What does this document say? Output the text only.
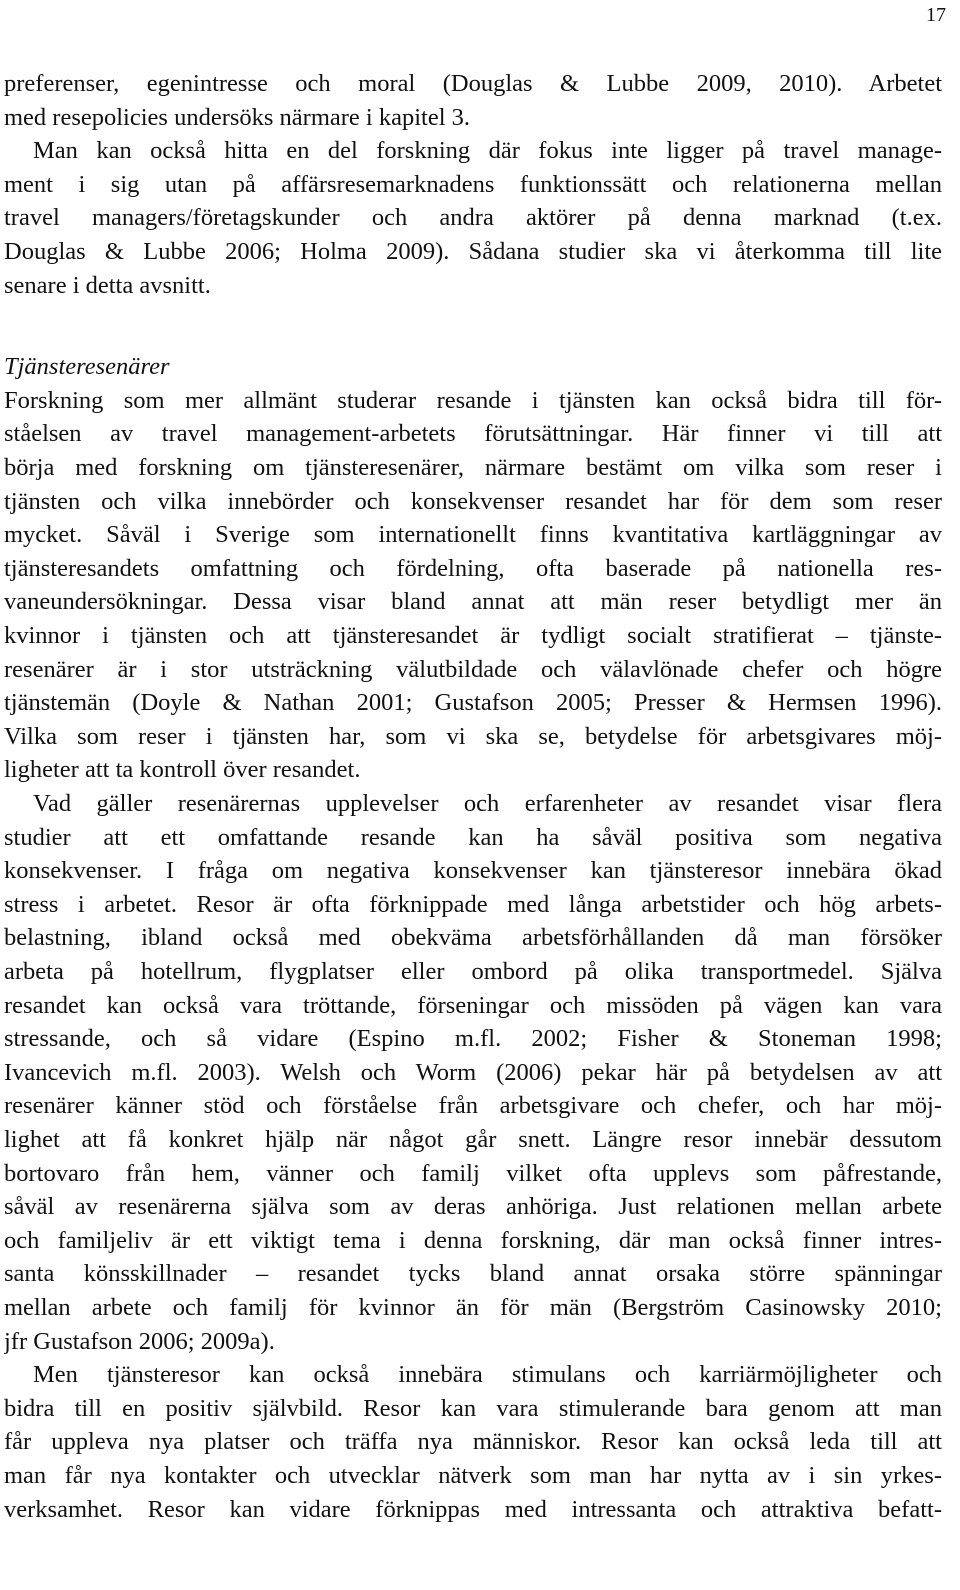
17
preferenser, egenintresse och moral (Douglas & Lubbe 2009, 2010). Arbetet
med resepolicies undersöks närmare i kapitel 3.
Man kan också hitta en del forskning där fokus inte ligger på travel manage-
ment i sig utan på affärsresemarknadens funktionssätt och relationerna mellan
travel managers/företagskunder och andra aktörer på denna marknad (t.ex.
Douglas & Lubbe 2006; Holma 2009). Sådana studier ska vi återkomma till lite
senare i detta avsnitt.
Tjänsteresenärer
Forskning som mer allmänt studerar resande i tjänsten kan också bidra till för-
ståelsen av travel management-arbetets förutsättningar. Här finner vi till att
börja med forskning om tjänsteresenärer, närmare bestämt om vilka som reser i
tjänsten och vilka innebörder och konsekvenser resandet har för dem som reser
mycket. Såväl i Sverige som internationellt finns kvantitativa kartläggningar av
tjänsteresandets omfattning och fördelning, ofta baserade på nationella res-
vaneundersökningar. Dessa visar bland annat att män reser betydligt mer än
kvinnor i tjänsten och att tjänsteresandet är tydligt socialt stratifierat – tjänste-
resenärer är i stor utsträckning välutbildade och välavlönade chefer och högre
tjänstemän (Doyle & Nathan 2001; Gustafson 2005; Presser & Hermsen 1996).
Vilka som reser i tjänsten har, som vi ska se, betydelse för arbetsgivares möj-
ligheter att ta kontroll över resandet.
Vad gäller resenärernas upplevelser och erfarenheter av resandet visar flera
studier att ett omfattande resande kan ha såväl positiva som negativa
konsekvenser. I fråga om negativa konsekvenser kan tjänsteresor innebära ökad
stress i arbetet. Resor är ofta förknippade med långa arbetstider och hög arbets-
belastning, ibland också med obekväma arbetsförhållanden då man försöker
arbeta på hotellrum, flygplatser eller ombord på olika transportmedel. Själva
resandet kan också vara tröttande, förseningar och missöden på vägen kan vara
stressande, och så vidare (Espino m.fl. 2002; Fisher & Stoneman 1998;
Ivancevich m.fl. 2003). Welsh och Worm (2006) pekar här på betydelsen av att
resenärer känner stöd och förståelse från arbetsgivare och chefer, och har möj-
lighet att få konkret hjälp när något går snett. Längre resor innebär dessutom
bortovaro från hem, vänner och familj vilket ofta upplevs som påfrestande,
såväl av resenärerna själva som av deras anhöriga. Just relationen mellan arbete
och familjeliv är ett viktigt tema i denna forskning, där man också finner intres-
santa könsskillnader – resandet tycks bland annat orsaka större spänningar
mellan arbete och familj för kvinnor än för män (Bergström Casinowsky 2010;
jfr Gustafson 2006; 2009a).
Men tjänsteresor kan också innebära stimulans och karriärmöjligheter och
bidra till en positiv självbild. Resor kan vara stimulerande bara genom att man
får uppleva nya platser och träffa nya människor. Resor kan också leda till att
man får nya kontakter och utvecklar nätverk som man har nytta av i sin yrkes-
verksamhet. Resor kan vidare förknippas med intressanta och attraktiva befatt-
